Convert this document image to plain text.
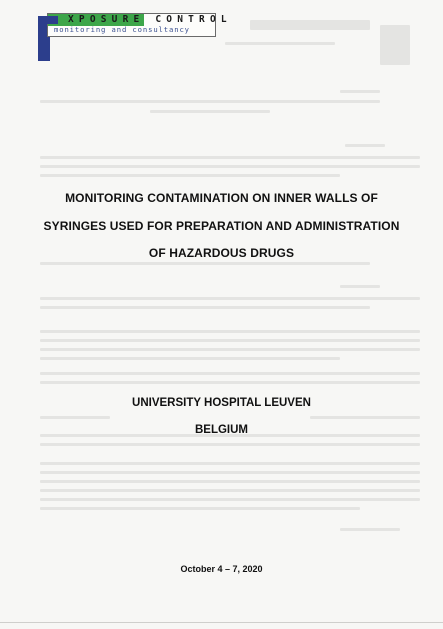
XPOSURE CONTROL
monitoring and consultancy
MONITORING CONTAMINATION ON INNER WALLS OF
SYRINGES USED FOR PREPARATION AND ADMINISTRATION
OF HAZARDOUS DRUGS
UNIVERSITY HOSPITAL LEUVEN
BELGIUM
October 4 – 7, 2020
